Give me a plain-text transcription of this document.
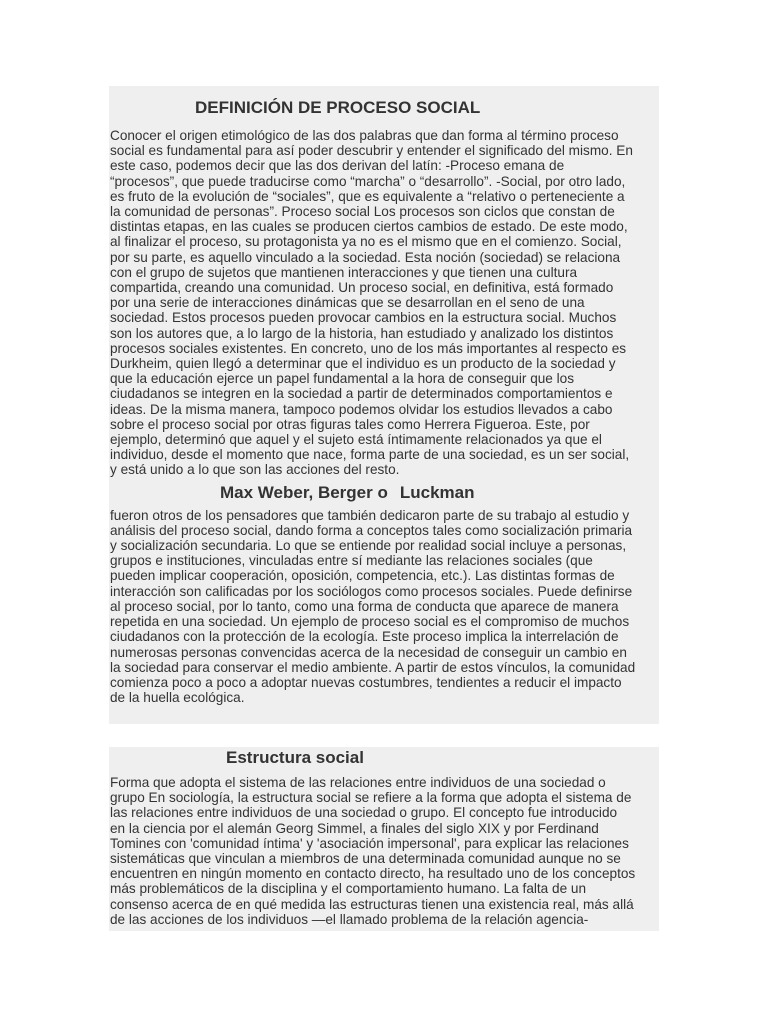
DEFINICIÓN DE PROCESO SOCIAL

Conocer el origen etimológico de las dos palabras que dan forma al término proceso
social es fundamental para así poder descubrir y entender el significado del mismo. En
este caso, podemos decir que las dos derivan del latín: -Proceso emana de
“procesos”, que puede traducirse como “marcha” o “desarrollo”. -Social, por otro lado,
es fruto de la evolución de “sociales”, que es equivalente a “relativo o perteneciente a
la comunidad de personas”. Proceso social Los procesos son ciclos que constan de
distintas etapas, en las cuales se producen ciertos cambios de estado. De este modo,
al finalizar el proceso, su protagonista ya no es el mismo que en el comienzo. Social,
por su parte, es aquello vinculado a la sociedad. Esta noción (sociedad) se relaciona
con el grupo de sujetos que mantienen interacciones y que tienen una cultura
compartida, creando una comunidad. Un proceso social, en definitiva, está formado
por una serie de interacciones dinámicas que se desarrollan en el seno de una
sociedad. Estos procesos pueden provocar cambios en la estructura social. Muchos
son los autores que, a lo largo de la historia, han estudiado y analizado los distintos
procesos sociales existentes. En concreto, uno de los más importantes al respecto es
Durkheim, quien llegó a determinar que el individuo es un producto de la sociedad y
que la educación ejerce un papel fundamental a la hora de conseguir que los
ciudadanos se integren en la sociedad a partir de determinados comportamientos e
ideas. De la misma manera, tampoco podemos olvidar los estudios llevados a cabo
sobre el proceso social por otras figuras tales como Herrera Figueroa. Este, por
ejemplo, determinó que aquel y el sujeto está íntimamente relacionados ya que el
individuo, desde el momento que nace, forma parte de una sociedad, es un ser social,
y está unido a lo que son las acciones del resto.

Max Weber, Berger o Luckman

fueron otros de los pensadores que también dedicaron parte de su trabajo al estudio y
análisis del proceso social, dando forma a conceptos tales como socialización primaria
y socialización secundaria. Lo que se entiende por realidad social incluye a personas,
grupos e instituciones, vinculadas entre sí mediante las relaciones sociales (que
pueden implicar cooperación, oposición, competencia, etc.). Las distintas formas de
interacción son calificadas por los sociólogos como procesos sociales. Puede definirse
al proceso social, por lo tanto, como una forma de conducta que aparece de manera
repetida en una sociedad. Un ejemplo de proceso social es el compromiso de muchos
ciudadanos con la protección de la ecología. Este proceso implica la interrelación de
numerosas personas convencidas acerca de la necesidad de conseguir un cambio en
la sociedad para conservar el medio ambiente. A partir de estos vínculos, la comunidad
comienza poco a poco a adoptar nuevas costumbres, tendientes a reducir el impacto
de la huella ecológica.

Estructura social

Forma que adopta el sistema de las relaciones entre individuos de una sociedad o
grupo En sociología, la estructura social se refiere a la forma que adopta el sistema de
las relaciones entre individuos de una sociedad o grupo. El concepto fue introducido
en la ciencia por el alemán Georg Simmel, a finales del siglo XIX y por Ferdinand
Tomines con 'comunidad íntima' y 'asociación impersonal', para explicar las relaciones
sistemáticas que vinculan a miembros de una determinada comunidad aunque no se
encuentren en ningún momento en contacto directo, ha resultado uno de los conceptos
más problemáticos de la disciplina y el comportamiento humano. La falta de un
consenso acerca de en qué medida las estructuras tienen una existencia real, más allá
de las acciones de los individuos —el llamado problema de la relación agencia-
